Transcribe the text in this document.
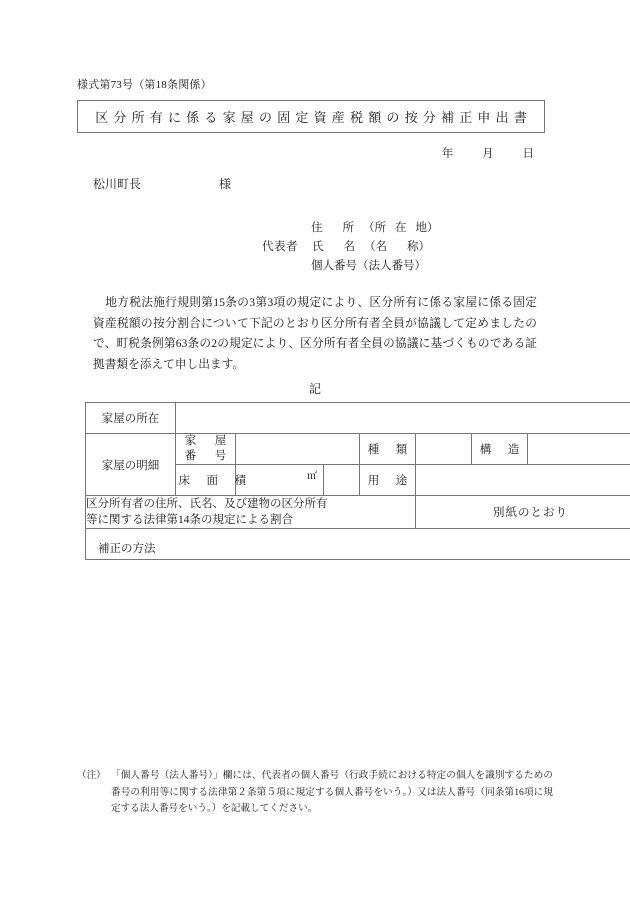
様式第73号（第18条関係）
区分所有に係る家屋の固定資産税額の按分補正申出書
年	月	日
松川町長	様
住 所 （所 在 地）
代表者 氏 名 （名 称）
個人番号（法人番号）
地方税法施行規則第15条の3第3項の規定により、区分所有に係る家屋に係る固定資産税額の按分割合について下記のとおり区分所有者全員が協議して定めましたので、町税条例第63条の2の規定により、区分所有者全員の協議に基づくものである証拠書類を添えて申し出ます。
記
家屋の所在							
家屋の明細	家　屋
番　号			種　類		構　造	
	床　面　積	㎡		用　途			
区分所有者の住所、氏名、及び建物の区分所有
等に関する法律第14条の規定による割合					別紙のとおり		

補正の方法							
（注） 「個人番号（法人番号）」欄には、代表者の個人番号（行政手続における特定の個人を識別するための番号の利用等に関する法律第２条第５項に規定する個人番号をいう。）又は法人番号（同条第16項に規定する法人番号をいう。）を記載してください。
